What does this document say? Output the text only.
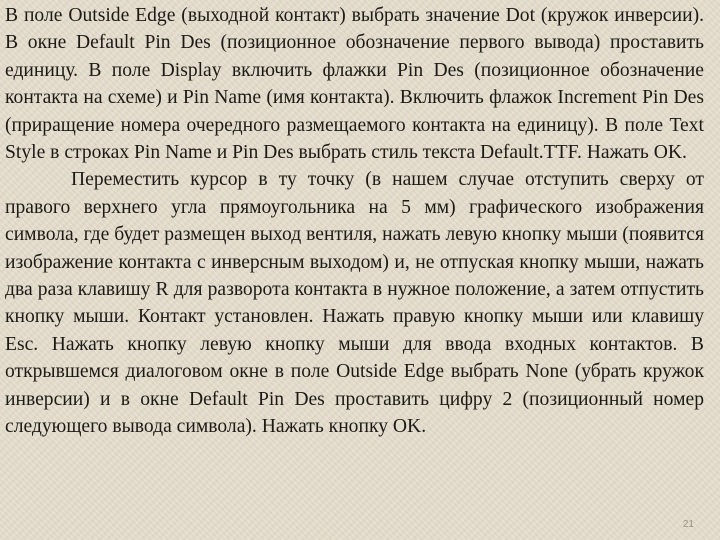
В поле Outside Edge (выходной контакт) выбрать значение Dot (кружок инверсии). В окне Default Pin Des (позиционное обозначение первого вывода) проставить единицу. В поле Display включить флажки Pin Des (позиционное обозначение контакта на схеме) и Pin Name (имя контакта). Включить флажок Increment Pin Des (приращение номера очередного размещаемого контакта на единицу). В поле Text Style в строках Pin Name и Pin Des выбрать стиль текста Default.TTF. Нажать OK.

Переместить курсор в ту точку (в нашем случае отступить сверху от правого верхнего угла прямоугольника на 5 мм) графического изображения символа, где будет размещен выход вентиля, нажать левую кнопку мыши (появится изображение контакта с инверсным выходом) и, не отпуская кнопку мыши, нажать два раза клавишу R для разворота контакта в нужное положение, а затем отпустить кнопку мыши. Контакт установлен. Нажать правую кнопку мыши или клавишу Esc. Нажать кнопку левую кнопку мыши для ввода входных контактов. В открывшемся диалоговом окне в поле Outside Edge выбрать None (убрать кружок инверсии) и в окне Default Pin Des проставить цифру 2 (позиционный номер следующего вывода символа). Нажать кнопку OK.

21
